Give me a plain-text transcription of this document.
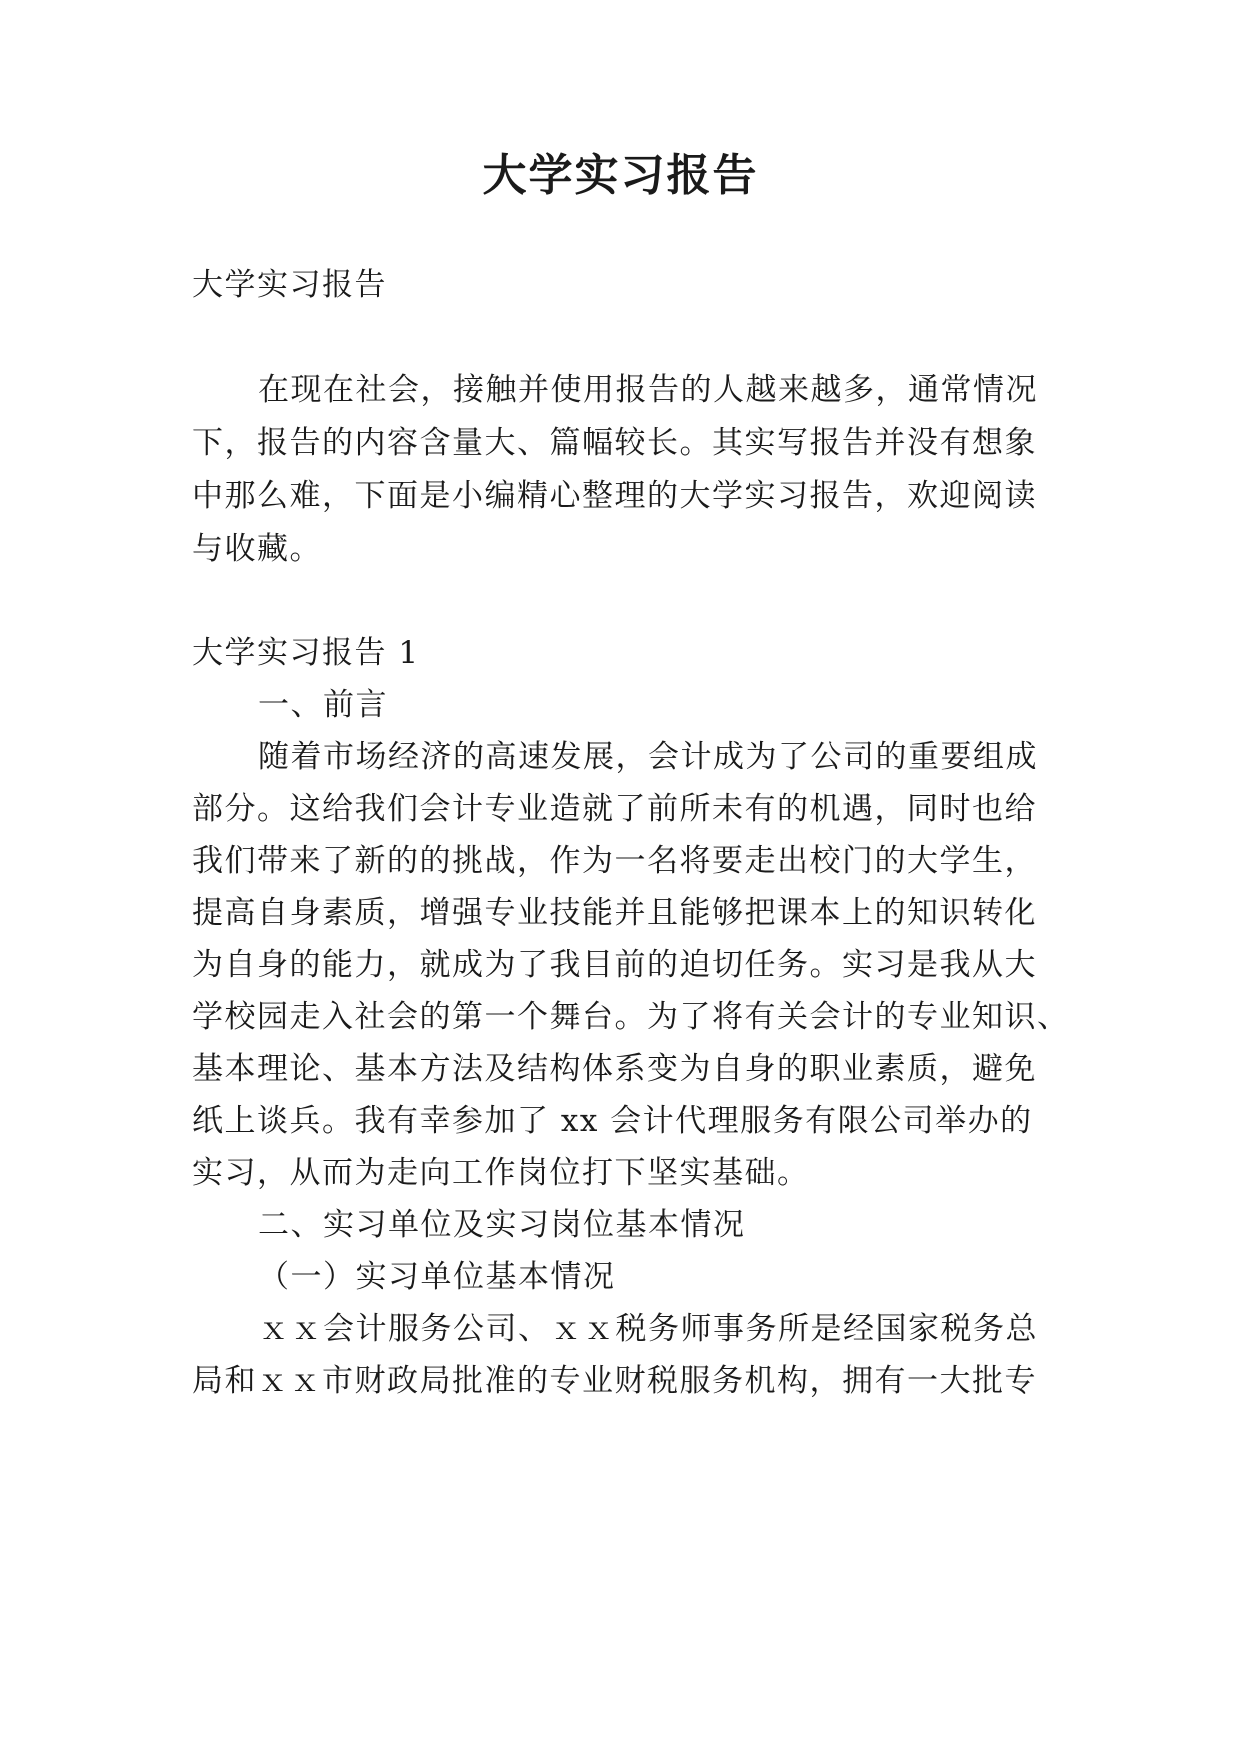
大学实习报告
大学实习报告
在现在社会，接触并使用报告的人越来越多，通常情况
下，报告的内容含量大、篇幅较长。其实写报告并没有想象
中那么难，下面是小编精心整理的大学实习报告，欢迎阅读
与收藏。
大学实习报告 1
一、前言
随着市场经济的高速发展，会计成为了公司的重要组成
部分。这给我们会计专业造就了前所未有的机遇，同时也给
我们带来了新的的挑战，作为一名将要走出校门的大学生，
提高自身素质，增强专业技能并且能够把课本上的知识转化
为自身的能力，就成为了我目前的迫切任务。实习是我从大
学校园走入社会的第一个舞台。为了将有关会计的专业知识、
基本理论、基本方法及结构体系变为自身的职业素质，避免
纸上谈兵。我有幸参加了 xx 会计代理服务有限公司举办的
实习，从而为走向工作岗位打下坚实基础。
二、实习单位及实习岗位基本情况
（一）实习单位基本情况
ｘｘ会计服务公司、ｘｘ税务师事务所是经国家税务总
局和ｘｘ市财政局批准的专业财税服务机构，拥有一大批专
